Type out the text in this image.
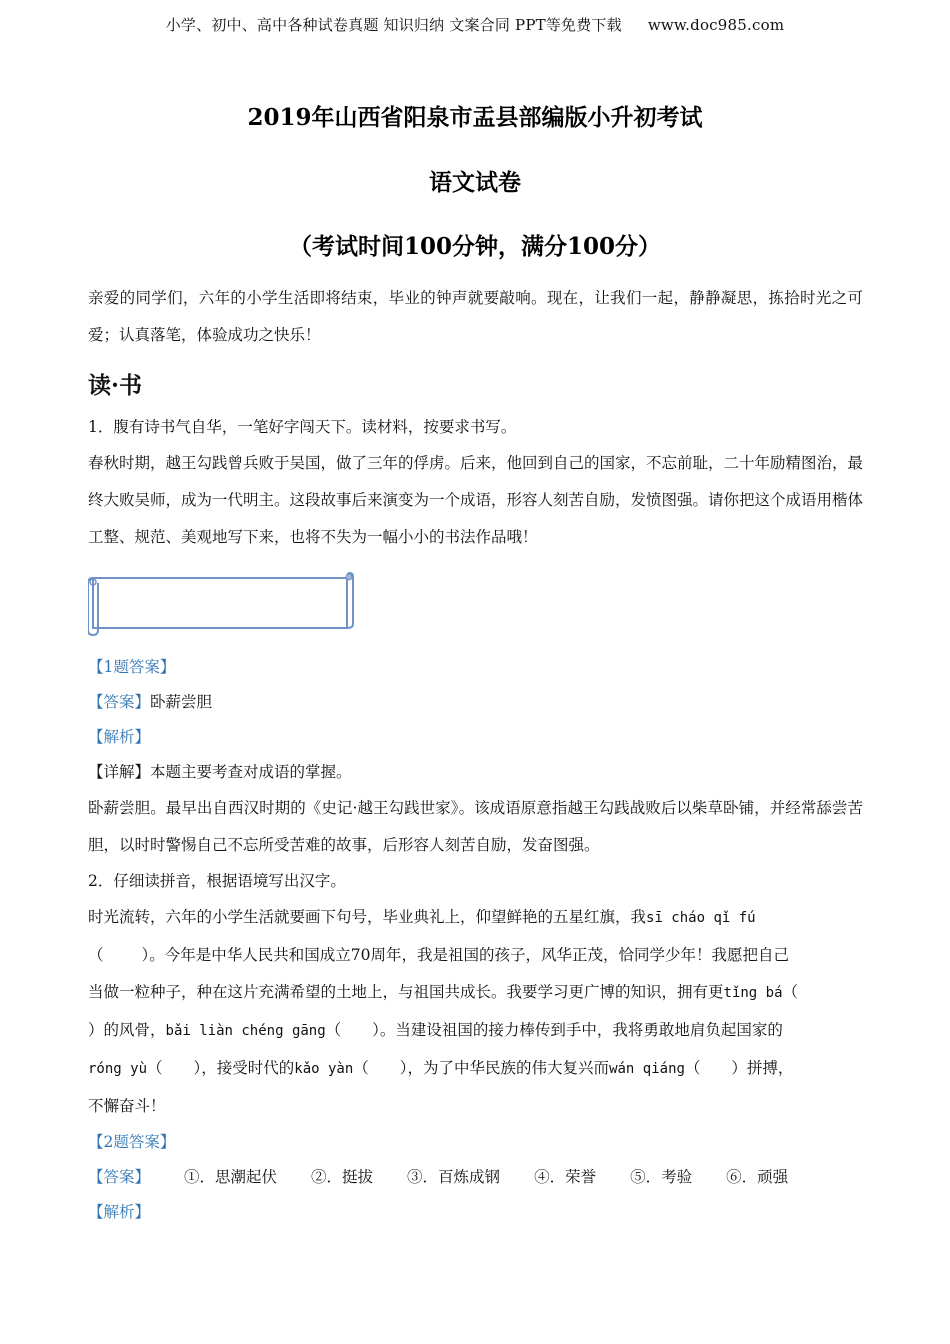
小学、初中、高中各种试卷真题 知识归纳 文案合同 PPT等免费下载 www.doc985.com
2019年山西省阳泉市盂县部编版小升初考试
语文试卷
（考试时间100分钟，满分100分）

亲爱的同学们，六年的小学生活即将结束，毕业的钟声就要敲响。现在，让我们一起，静静凝思，拣拾时光之可爱；认真落笔，体验成功之快乐！

读·书

1．腹有诗书气自华，一笔好字闯天下。读材料，按要求书写。

春秋时期，越王勾践曾兵败于吴国，做了三年的俘虏。后来，他回到自己的国家，不忘前耻，二十年励精图治，最终大败吴师，成为一代明主。这段故事后来演变为一个成语，形容人刻苦自励，发愤图强。请你把这个成语用楷体工整、规范、美观地写下来，也将不失为一幅小小的书法作品哦！

【1题答案】

【答案】卧薪尝胆

【解析】

【详解】本题主要考查对成语的掌握。

卧薪尝胆。最早出自西汉时期的《史记·越王勾践世家》。该成语原意指越王勾践战败后以柴草卧铺，并经常舔尝苦胆，以时时警惕自己不忘所受苦难的故事，后形容人刻苦自励，发奋图强。

2．仔细读拼音，根据语境写出汉字。

时光流转，六年的小学生活就要画下句号，毕业典礼上，仰望鲜艳的五星红旗，我sī cháo qǐ fú
（ ）。今年是中华人民共和国成立70周年，我是祖国的孩子，风华正茂，恰同学少年！我愿把自己
当做一粒种子，种在这片充满希望的土地上，与祖国共成长。我要学习更广博的知识，拥有更tǐng bá（
）的风骨，bǎi liàn chéng gāng（　　）。当建设祖国的接力棒传到手中，我将勇敢地肩负起国家的
róng yù（　　），接受时代的kǎo yàn（　　），为了中华民族的伟大复兴而wán qiáng（　　）拼搏，
不懈奋斗！

【2题答案】

【答案】 ①．思潮起伏 ②．挺拔 ③．百炼成钢 ④．荣誉 ⑤．考验 ⑥．顽强

【解析】
